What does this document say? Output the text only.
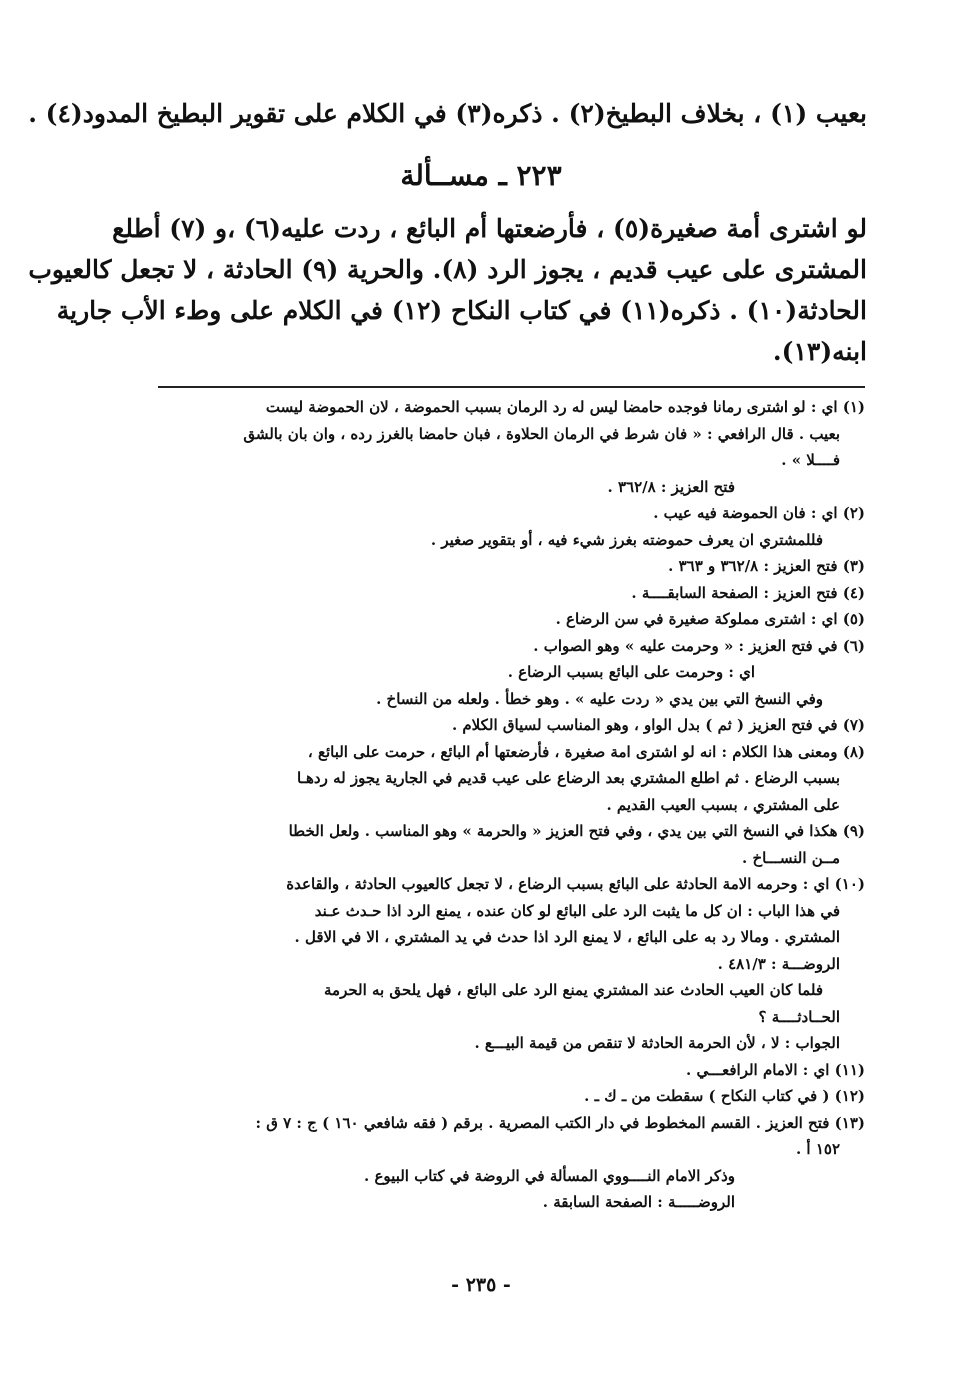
بعيب (١) ، بخلاف البطيخ(٢) . ذكره(٣) في الكلام على تقوير البطيخ المدود(٤) .
٢٢٣ ـ مســألة
لو اشترى أمة صغيرة(٥) ، فأرضعتها أم البائع ، ردت عليه(٦) ،و (٧) أطلع
المشترى على عيب قديم ، يجوز الرد (٨). والحرية (٩) الحادثة ، لا تجعل كالعيوب
الحادثة(١٠) . ذكره(١١) في كتاب النكاح (١٢) في الكلام على وطء الأب جارية
ابنه(١٣).
(١) اي : لو اشترى رمانا فوجده حامضا ليس له رد الرمان بسبب الحموضة ، لان الحموضة ليست
بعيب . قال الرافعي : « فان شرط في الرمان الحلاوة ، فبان حامضا بالغرز رده ، وان بان بالشق
فــــلا » .
فتح العزيز : ٣٦٢/٨ .
(٢) اي : فان الحموضة فيه عيب .
فللمشتري ان يعرف حموضته بغرز شيء فيه ، أو بتقوير صغير .
(٣) فتح العزيز : ٣٦٢/٨ و ٣٦٣ .
(٤) فتح العزيز : الصفحة السابقــــة .
(٥) اي : اشترى مملوكة صغيرة في سن الرضاع .
(٦) في فتح العزيز : « وحرمت عليه » وهو الصواب .
اي : وحرمت على البائع بسبب الرضاع .
وفي النسخ التي بين يدي « ردت عليه » . وهو خطأ . ولعله من النساخ .
(٧) في فتح العزيز ( ثم ) بدل الواو ، وهو المناسب لسياق الكلام .
(٨) ومعنى هذا الكلام : انه لو اشترى امة صغيرة ، فأرضعتها أم البائع ، حرمت على البائع ،
بسبب الرضاع . ثم اطلع المشتري بعد الرضاع على عيب قديم في الجارية يجوز له ردهـا
على المشتري ، بسبب العيب القديم .
(٩) هكذا في النسخ التي بين يدي ، وفي فتح العزيز « والحرمة » وهو المناسب . ولعل الخطا
مــن النســـاخ .
(١٠) اي : وحرمه الامة الحادثة على البائع بسبب الرضاع ، لا تجعل كالعيوب الحادثة ، والقاعدة
في هذا الباب : ان كل ما يثبت الرد على البائع لو كان عنده ، يمنع الرد اذا حـدث عـند
المشتري . ومالا رد به على البائع ، لا يمنع الرد اذا حدث في يد المشتري ، الا في الاقل .
الروضـــة : ٤٨١/٣ .
فلما كان العيب الحادث عند المشتري يمنع الرد على البائع ، فهل يلحق به الحرمة
الحــادثــــة ؟
الجواب : لا ، لأن الحرمة الحادثة لا تنقص من قيمة البيـــع .
(١١) اي : الامام الرافعـــي .
(١٢) ( في كتاب النكاح ) سقطت من ـ ك ـ .
(١٣) فتح العزيز . القسم المخطوط في دار الكتب المصرية . برقم ( فقه شافعي ١٦٠ ) ج : ٧ ق :
١٥٢ أ .
وذكر الامام النــــووي المسألة في الروضة في كتاب البيوع .
الروضـــــة : الصفحة السابقة .
- ٢٣٥ -
